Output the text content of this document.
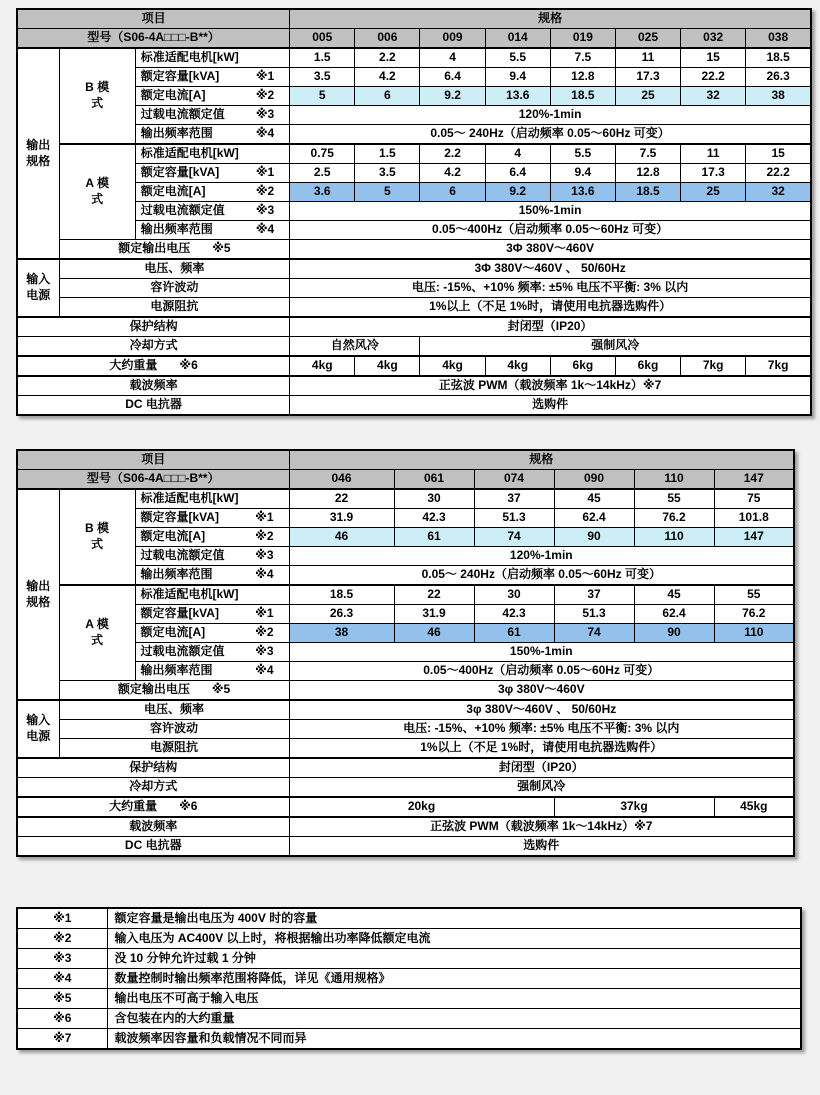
项目			规格							
型号（S06-4A□□□-B**）			005	006	009	014	019	025	032	038
输出规格	B 模式	标准适配电机[kW]	1.5	2.2	4	5.5	7.5	11	15	18.5

		额定容量[kVA] ※1	3.5	4.2	6.4	9.4	12.8	17.3	22.2	26.3

		额定电流[A] ※2	5	6	9.2	13.6	18.5	25	32	38

		过载电流额定值 ※3	120%-1min							

		输出频率范围 ※4	0.05～ 240Hz（启动频率 0.05～60Hz 可变）							
	A 模式	标准适配电机[kW]	0.75	1.5	2.2	4	5.5	7.5	11	15

		额定容量[kVA] ※1	2.5	3.5	4.2	6.4	9.4	12.8	17.3	22.2

		额定电流[A] ※2	3.6	5	6	9.2	13.6	18.5	25	32

		过载电流额定值 ※3	150%-1min							

		输出频率范围 ※4	0.05～400Hz（启动频率 0.05～60Hz 可变）							

	额定输出电压 ※5		3Φ 380V～460V							
输入电源	电压、频率		3Φ 380V～460V 、 50/60Hz							
	容许波动		电压: -15%、+10% 频率: ±5% 电压不平衡: 3% 以内							
	电源阻抗		1%以上（不足 1%时，请使用电抗器选购件）							
保护结构			封闭型（IP20）							
冷却方式			自然风冷		强制风冷					

大约重量 ※6			4kg	4kg	4kg	4kg	6kg	6kg	7kg	7kg
载波频率			正弦波 PWM（载波频率 1k～14kHz）※7							
DC 电抗器			选购件							
项目			规格					
型号（S06-4A□□□-B**）			046	061	074	090	110	147
输出规格	B 模式	标准适配电机[kW]	22	30	37	45	55	75

		额定容量[kVA] ※1	31.9	42.3	51.3	62.4	76.2	101.8

		额定电流[A] ※2	46	61	74	90	110	147

		过载电流额定值 ※3	120%-1min					

		输出频率范围 ※4	0.05～ 240Hz（启动频率 0.05～60Hz 可变）					
	A 模式	标准适配电机[kW]	18.5	22	30	37	45	55

		额定容量[kVA] ※1	26.3	31.9	42.3	51.3	62.4	76.2

		额定电流[A] ※2	38	46	61	74	90	110

		过载电流额定值 ※3	150%-1min					

		输出频率范围 ※4	0.05～400Hz（启动频率 0.05～60Hz 可变）					

	额定输出电压 ※5		3φ 380V～460V					
输入电源	电压、频率		3φ 380V～460V 、 50/60Hz					
	容许波动		电压: -15%、+10% 频率: ±5% 电压不平衡: 3% 以内					
	电源阻抗		1%以上（不足 1%时，请使用电抗器选购件）					
保护结构			封闭型（IP20）					
冷却方式			强制风冷					

大约重量 ※6			20kg			37kg		45kg
载波频率			正弦波 PWM（载波频率 1k～14kHz）※7					
DC 电抗器			选购件					
※1	额定容量是输出电压为 400V 时的容量
※2	输入电压为 AC400V 以上时，将根据输出功率降低额定电流
※3	没 10 分钟允许过载 1 分钟
※4	数量控制时输出频率范围将降低，详见《通用规格》
※5	输出电压不可高于输入电压
※6	含包装在内的大约重量
※7	载波频率因容量和负载情况不同而异
